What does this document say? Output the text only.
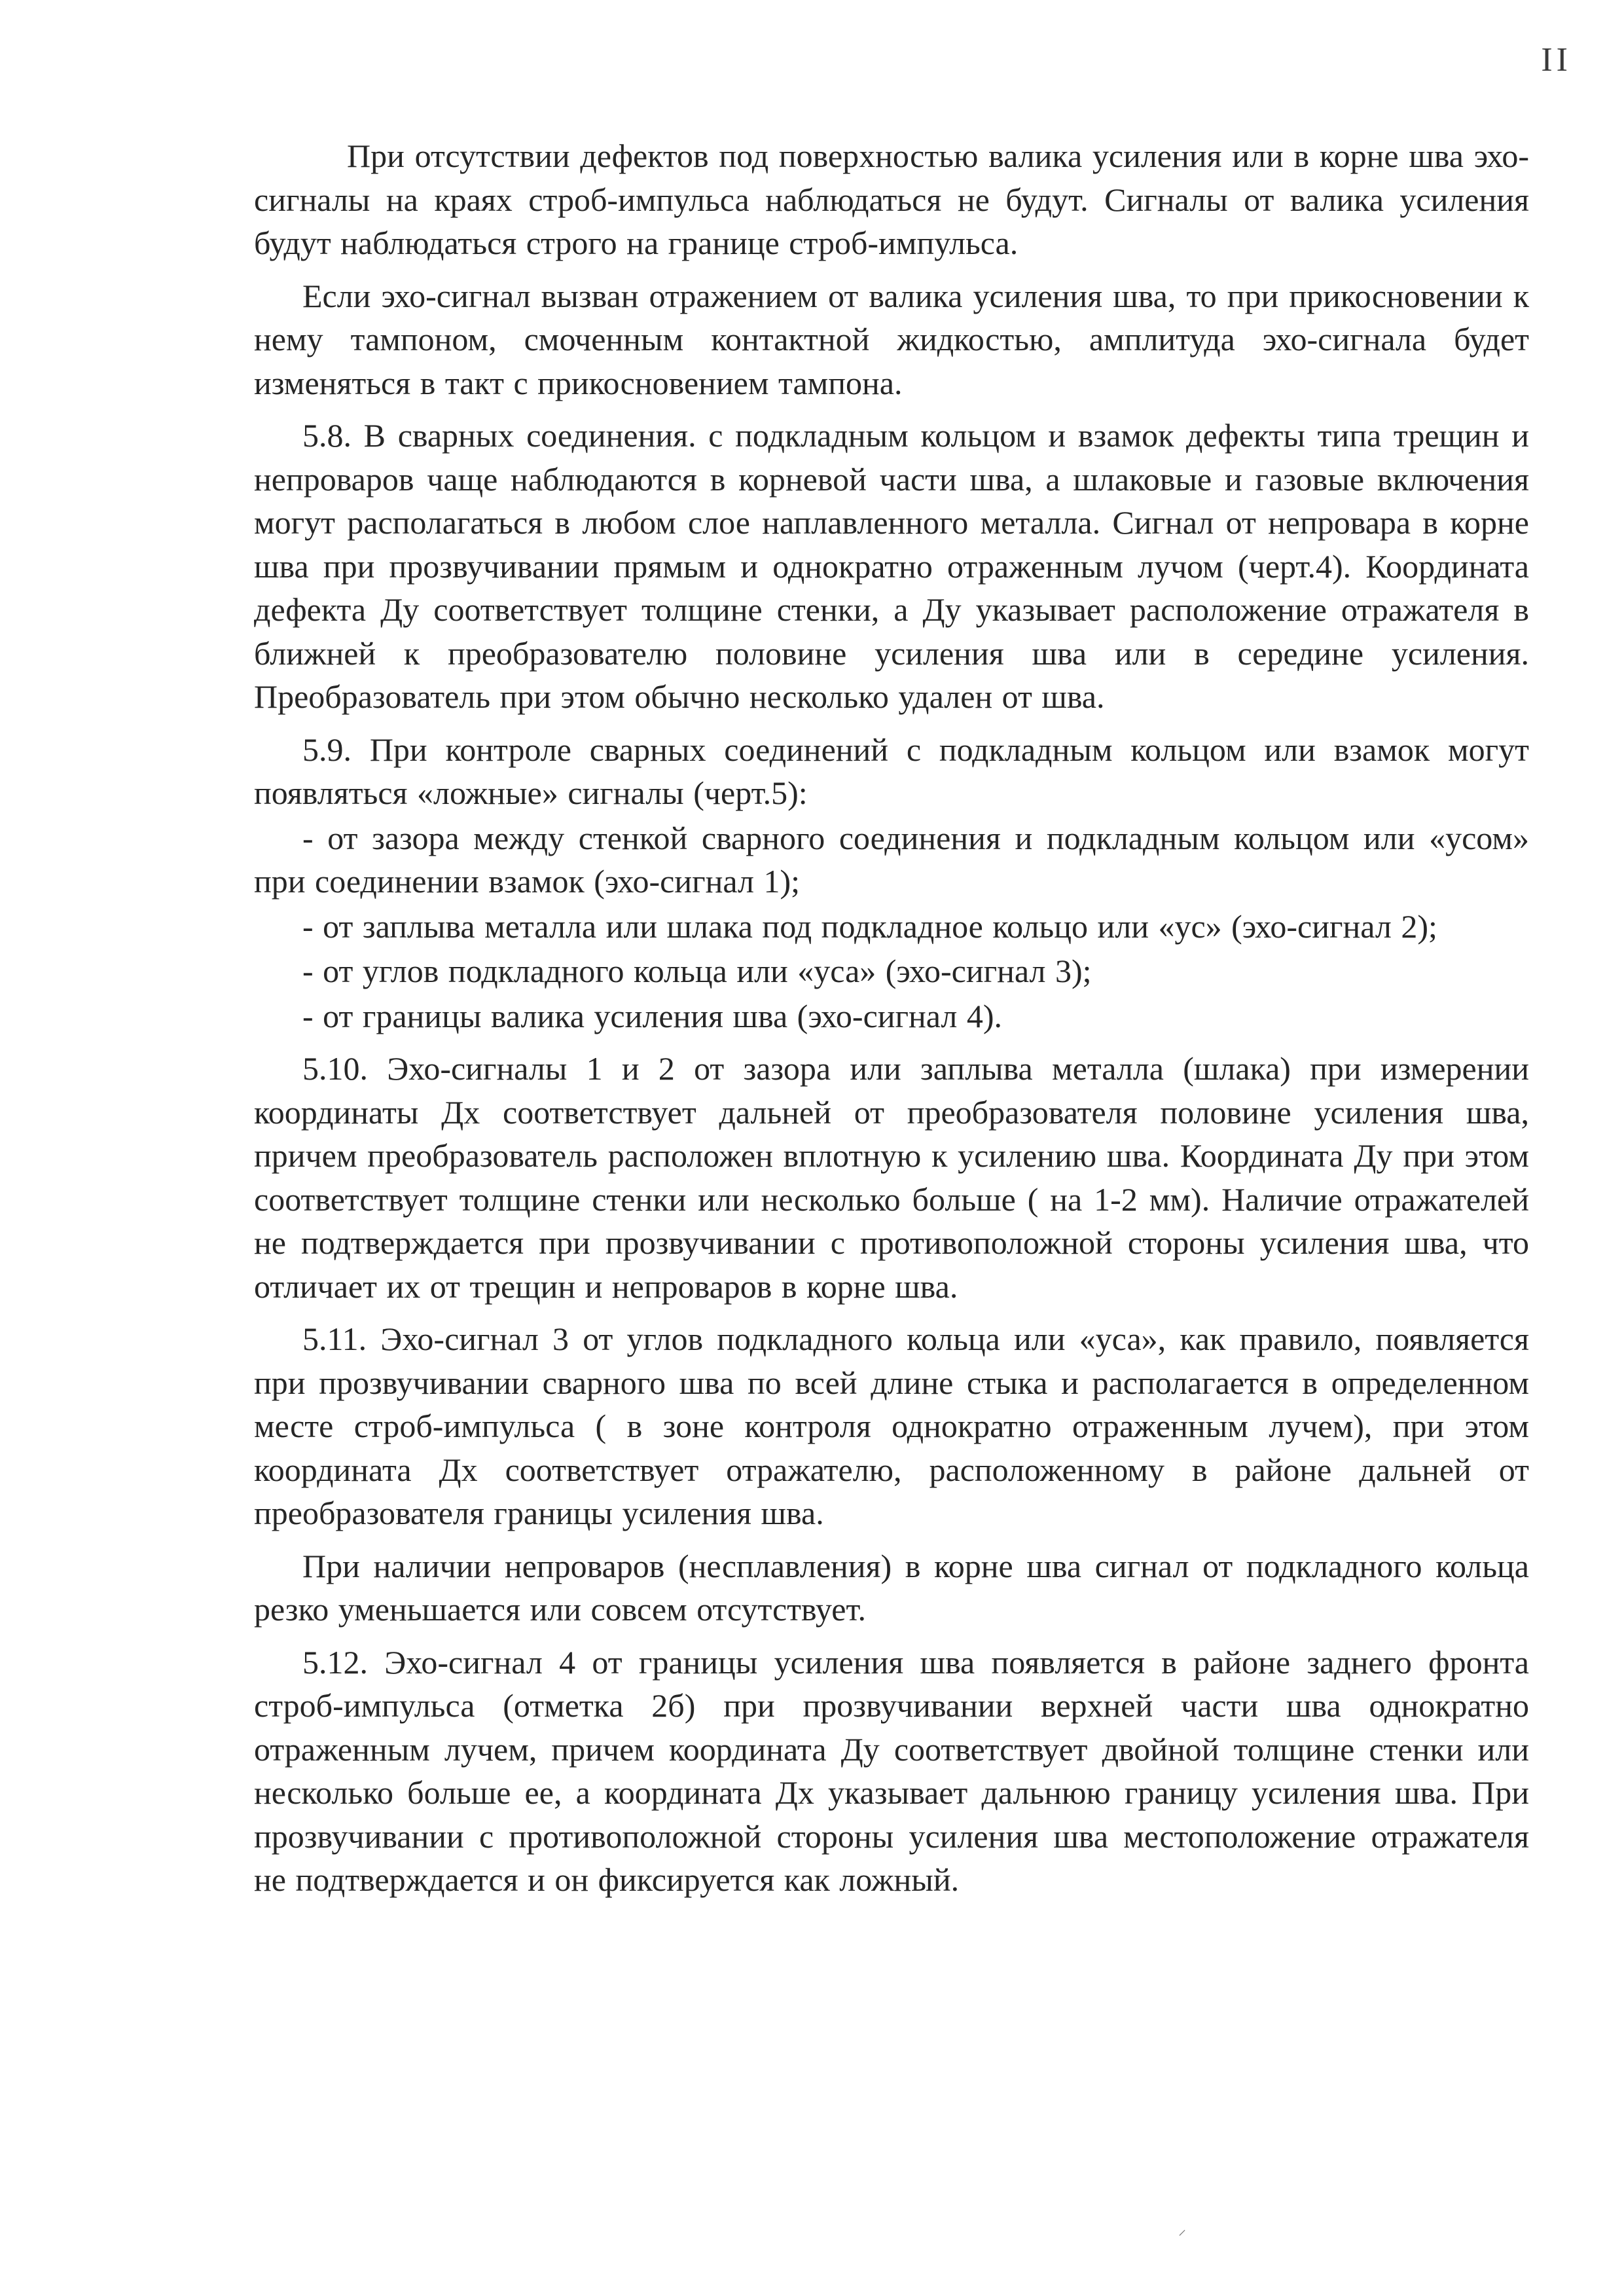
II

При отсутствии дефектов под поверхностью валика усиления или в корне шва эхо-сигналы на краях строб-импульса наблюдаться не будут. Сигналы от валика усиления будут наблюдаться строго на границе строб-импульса.

Если эхо-сигнал вызван отражением от валика усиления шва, то при прикосновении к нему тампоном, смоченным контактной жидкостью, амплитуда эхо-сигнала будет изменяться в такт с прикосновением тампона.

5.8. В сварных соединения. с подкладным кольцом и взамок дефекты типа трещин и непроваров чаще наблюдаются в корневой части шва, а шлаковые и газовые включения могут располагаться в любом слое наплавленного металла. Сигнал от непровара в корне шва при прозвучивании прямым и однократно отраженным лучом (черт.4). Координата дефекта Ду соответствует толщине стенки, а Ду указывает расположение отражателя в ближней к преобразователю половине усиления шва или в середине усиления. Преобразователь при этом обычно несколько удален от шва.

5.9. При контроле сварных соединений с подкладным кольцом или взамок могут появляться «ложные» сигналы (черт.5):

- от зазора между стенкой сварного соединения и подкладным кольцом или «усом» при соединении взамок (эхо-сигнал 1);

- от заплыва металла или шлака под подкладное кольцо или «ус» (эхо-сигнал 2);

- от углов подкладного кольца или «уса» (эхо-сигнал 3);

- от границы валика усиления шва (эхо-сигнал 4).

5.10. Эхо-сигналы 1 и 2 от зазора или заплыва металла (шлака) при измерении координаты Дх соответствует дальней от преобразователя половине усиления шва, причем преобразователь расположен вплотную к усилению шва. Координата Ду при этом соответствует толщине стенки или несколько больше ( на 1-2 мм). Наличие отражателей не подтверждается при прозвучивании с противоположной стороны усиления шва, что отличает их от трещин и непроваров в корне шва.

5.11. Эхо-сигнал 3 от углов подкладного кольца или «уса», как правило, появляется при прозвучивании сварного шва по всей длине стыка и располагается в определенном месте строб-импульса ( в зоне контроля однократно отраженным лучем), при этом координата Дх соответствует отражателю, расположенному в районе дальней от преобразователя границы усиления шва.

При наличии непроваров (несплавления) в корне шва сигнал от подкладного кольца резко уменьшается или совсем отсутствует.

5.12. Эхо-сигнал 4 от границы усиления шва появляется в районе заднего фронта строб-импульса (отметка 2б) при прозвучивании верхней части шва однократно отраженным лучем, причем координата Ду соответствует двойной толщине стенки или несколько больше ее, а координата Дх указывает дальнюю границу усиления шва. При прозвучивании с противоположной стороны усиления шва местоположение отражателя не подтверждается и он фиксируется как ложный.

⸝
